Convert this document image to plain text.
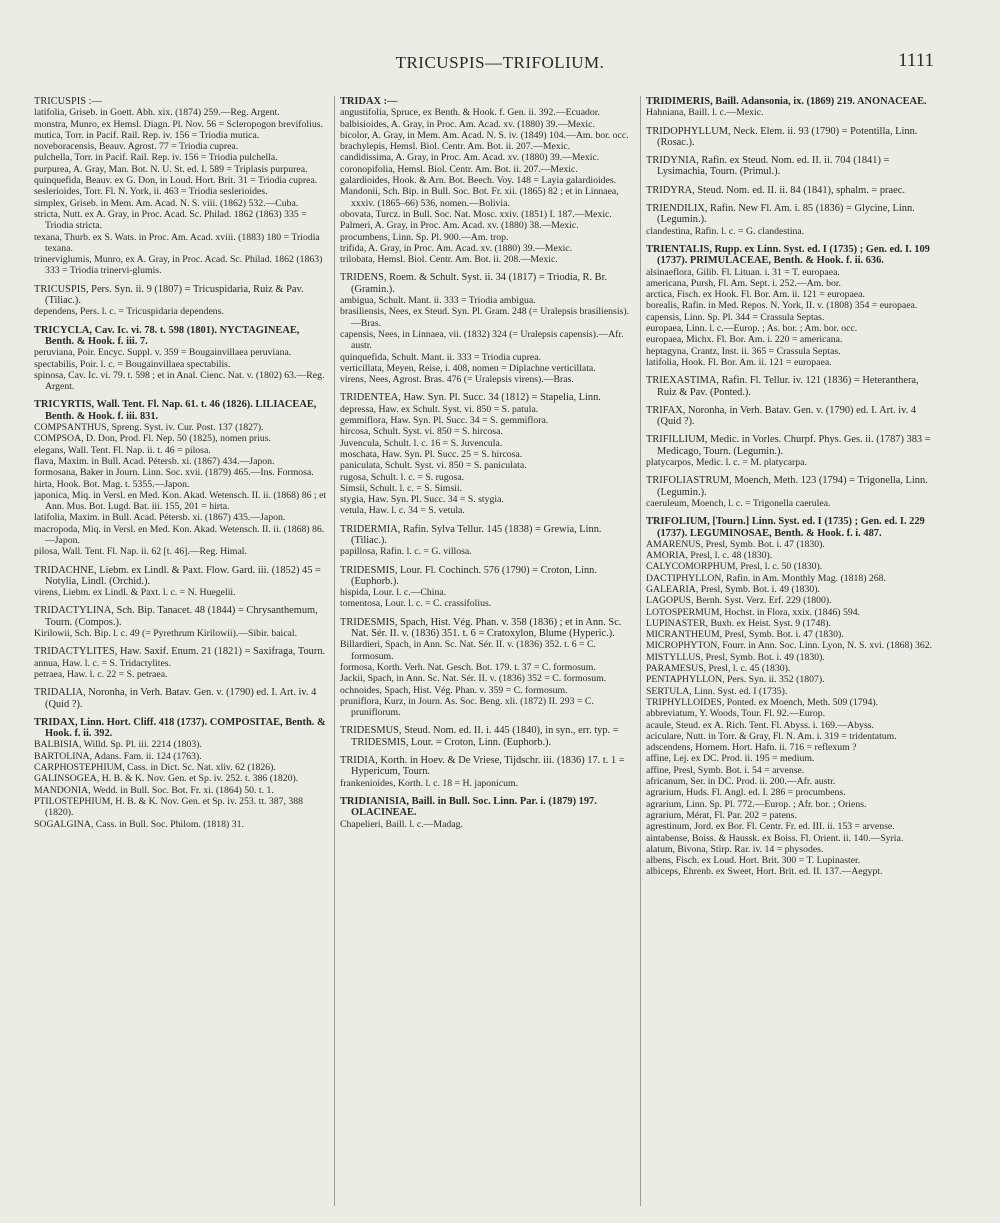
TRICUSPIS—TRIFOLIUM.	1111

TRICUSPIS :—

latifolia, Griseb. in Goett. Abh. xix. (1874) 259.—Reg. Argent.

monstra, Munro, ex Hemsl. Diagn. Pl. Nov. 56 = Scleropogon brevifolius.

mutica, Torr. in Pacif. Rail. Rep. iv. 156 = Triodia mutica.

noveboracensis, Beauv. Agrost. 77 = Triodia cuprea.

pulchella, Torr. in Pacif. Rail. Rep. iv. 156 = Triodia pulchella.

purpurea, A. Gray, Man. Bot. N. U. St. ed. I. 589 = Triplasis purpurea.

quinquefida, Beauv. ex G. Don, in Loud. Hort. Brit. 31 = Triodia cuprea.

seslerioides, Torr. Fl. N. York, ii. 463 = Triodia seslerioides.

simplex, Griseb. in Mem. Am. Acad. N. S. viii. (1862) 532.—Cuba.

stricta, Nutt. ex A. Gray, in Proc. Acad. Sc. Philad. 1862 (1863) 335 = Triodia stricta.

texana, Thurb. ex S. Wats. in Proc. Am. Acad. xviii. (1883) 180 = Triodia texana.

trinerviglumis, Munro, ex A. Gray, in Proc. Acad. Sc. Philad. 1862 (1863) 333 = Triodia trinervi-glumis.

TRICUSPIS, Pers. Syn. ii. 9 (1807) = Tricuspidaria, Ruiz & Pav. (Tiliac.).

dependens, Pers. l. c. = Tricuspidaria dependens.

TRICYCLA, Cav. Ic. vi. 78. t. 598 (1801). NYCTAGINEAE, Benth. & Hook. f. iii. 7.

peruviana, Poir. Encyc. Suppl. v. 359 = Bougainvillaea peruviana.

spectabilis, Poir. l. c. = Bougainvillaea spectabilis.

spinosa, Cav. Ic. vi. 79. t. 598 ; et in Anal. Cienc. Nat. v. (1802) 63.—Reg. Argent.

TRICYRTIS, Wall. Tent. Fl. Nap. 61. t. 46 (1826). LILIACEAE, Benth. & Hook. f. iii. 831.

COMPSANTHUS, Spreng. Syst. iv. Cur. Post. 137 (1827).

COMPSOA, D. Don, Prod. Fl. Nep. 50 (1825), nomen prius.

elegans, Wall. Tent. Fl. Nap. ii. t. 46 = pilosa.

flava, Maxim. in Bull. Acad. Pétersb. xi. (1867) 434.—Japon.

formosana, Baker in Journ. Linn. Soc. xvii. (1879) 465.—Ins. Formosa.

hirta, Hook. Bot. Mag. t. 5355.—Japon.

japonica, Miq. in Versl. en Med. Kon. Akad. Wetensch. II. ii. (1868) 86 ; et Ann. Mus. Bot. Lugd. Bat. iii. 155, 201 = hirta.

latifolia, Maxim. in Bull. Acad. Pétersb. xi. (1867) 435.—Japon.

macropoda, Miq. in Versl. en Med. Kon. Akad. Wetensch. II. ii. (1868) 86.—Japon.

pilosa, Wall. Tent. Fl. Nap. ii. 62 [t. 46].—Reg. Himal.

TRIDACHNE, Liebm. ex Lindl. & Paxt. Flow. Gard. iii. (1852) 45 = Notylia, Lindl. (Orchid.).

virens, Liebm. ex Lindl. & Paxt. l. c. = N. Huegelii.

TRIDACTYLINA, Sch. Bip. Tanacet. 48 (1844) = Chrysanthemum, Tourn. (Compos.).

Kirilowii, Sch. Bip. l. c. 49 (= Pyrethrum Kirilowii).—Sibir. baical.

TRIDACTYLITES, Haw. Saxif. Enum. 21 (1821) = Saxifraga, Tourn.

annua, Haw. l. c. = S. Tridactylites.

petraea, Haw. l. c. 22 = S. petraea.

TRIDALIA, Noronha, in Verh. Batav. Gen. v. (1790) ed. I. Art. iv. 4 (Quid ?).

TRIDAX, Linn. Hort. Cliff. 418 (1737). COMPOSITAE, Benth. & Hook. f. ii. 392.

BALBISIA, Willd. Sp. Pl. iii. 2214 (1803).

BARTOLINA, Adans. Fam. ii. 124 (1763).

CARPHOSTEPHIUM, Cass. in Dict. Sc. Nat. xliv. 62 (1826).

GALINSOGEA, H. B. & K. Nov. Gen. et Sp. iv. 252. t. 386 (1820).

MANDONIA, Wedd. in Bull. Soc. Bot. Fr. xi. (1864) 50. t. 1.

PTILOSTEPHIUM, H. B. & K. Nov. Gen. et Sp. iv. 253. tt. 387, 388 (1820).

SOGALGINA, Cass. in Bull. Soc. Philom. (1818) 31.

TRIDAX :—

angustifolia, Spruce, ex Benth. & Hook. f. Gen. ii. 392.—Ecuador.

balbisioides, A. Gray, in Proc. Am. Acad. xv. (1880) 39.—Mexic.

bicolor, A. Gray, in Mem. Am. Acad. N. S. iv. (1849) 104.—Am. bor. occ.

brachylepis, Hemsl. Biol. Centr. Am. Bot. ii. 207.—Mexic.

candidissima, A. Gray, in Proc. Am. Acad. xv. (1880) 39.—Mexic.

coronopifolia, Hemsl. Biol. Centr. Am. Bot. ii. 207.—Mexic.

galardioides, Hook. & Arn. Bot. Beech. Voy. 148 = Layia galardioides.

Mandonii, Sch. Bip. in Bull. Soc. Bot. Fr. xii. (1865) 82 ; et in Linnaea, xxxiv. (1865–66) 536, nomen.—Bolivia.

obovata, Turcz. in Bull. Soc. Nat. Mosc. xxiv. (1851) I. 187.—Mexic.

Palmeri, A. Gray, in Proc. Am. Acad. xv. (1880) 38.—Mexic.

procumbens, Linn. Sp. Pl. 900.—Am. trop.

trifida, A. Gray, in Proc. Am. Acad. xv. (1880) 39.—Mexic.

trilobata, Hemsl. Biol. Centr. Am. Bot. ii. 208.—Mexic.

TRIDENS, Roem. & Schult. Syst. ii. 34 (1817) = Triodia, R. Br. (Gramin.).

ambigua, Schult. Mant. ii. 333 = Triodia ambigua.

brasiliensis, Nees, ex Steud. Syn. Pl. Gram. 248 (= Uralepsis brasiliensis).—Bras.

capensis, Nees, in Linnaea, vii. (1832) 324 (= Uralepsis capensis).—Afr. austr.

quinquefida, Schult. Mant. ii. 333 = Triodia cuprea.

verticillata, Meyen, Reise, i. 408, nomen = Diplachne verticillata.

virens, Nees, Agrost. Bras. 476 (= Uralepsis virens).—Bras.

TRIDENTEA, Haw. Syn. Pl. Succ. 34 (1812) = Stapelia, Linn.

depressa, Haw. ex Schult. Syst. vi. 850 = S. patula.

gemmiflora, Haw. Syn. Pl. Succ. 34 = S. gemmiflora.

hircosa, Schult. Syst. vi. 850 = S. hircosa.

Juvencula, Schult. l. c. 16 = S. Juvencula.

moschata, Haw. Syn. Pl. Succ. 25 = S. hircosa.

paniculata, Schult. Syst. vi. 850 = S. paniculata.

rugosa, Schult. l. c. = S. rugosa.

Simsii, Schult. l. c. = S. Simsii.

stygia, Haw. Syn. Pl. Succ. 34 = S. stygia.

vetula, Haw. l. c. 34 = S. vetula.

TRIDERMIA, Rafin. Sylva Tellur. 145 (1838) = Grewia, Linn. (Tiliac.).

papillosa, Rafin. l. c. = G. villosa.

TRIDESMIS, Lour. Fl. Cochinch. 576 (1790) = Croton, Linn. (Euphorb.).

hispida, Lour. l. c.—China.

tomentosa, Lour. l. c. = C. crassifolius.

TRIDESMIS, Spach, Hist. Vég. Phan. v. 358 (1836) ; et in Ann. Sc. Nat. Sér. II. v. (1836) 351. t. 6 = Cratoxylon, Blume (Hyperic.).

Billardieri, Spach, in Ann. Sc. Nat. Sér. II. v. (1836) 352. t. 6 = C. formosum.

formosa, Korth. Verh. Nat. Gesch. Bot. 179. t. 37 = C. formosum.

Jackii, Spach, in Ann. Sc. Nat. Sér. II. v. (1836) 352 = C. formosum.

ochnoides, Spach, Hist. Vég. Phan. v. 359 = C. formosum.

pruniflora, Kurz, in Journ. As. Soc. Beng. xli. (1872) II. 293 = C. pruniflorum.

TRIDESMUS, Steud. Nom. ed. II. i. 445 (1840), in syn., err. typ. = TRIDESMIS, Lour. = Croton, Linn. (Euphorb.).

TRIDIA, Korth. in Hoev. & De Vriese, Tijdschr. iii. (1836) 17. t. 1 = Hypericum, Tourn.

frankenioides, Korth. l. c. 18 = H. japonicum.

TRIDIANISIA, Baill. in Bull. Soc. Linn. Par. i. (1879) 197. OLACINEAE.

Chapelieri, Baill. l. c.—Madag.

TRIDIMERIS, Baill. Adansonia, ix. (1869) 219. ANONACEAE.

Hahniana, Baill. l. c.—Mexic.

TRIDOPHYLLUM, Neck. Elem. ii. 93 (1790) = Potentilla, Linn. (Rosac.).

TRIDYNIA, Rafin. ex Steud. Nom. ed. II. ii. 704 (1841) = Lysimachia, Tourn. (Primul.).

TRIDYRA, Steud. Nom. ed. II. ii. 84 (1841), sphalm. = praec.

TRIENDILIX, Rafin. New Fl. Am. i. 85 (1836) = Glycine, Linn. (Legumin.).

clandestina, Rafin. l. c. = G. clandestina.

TRIENTALIS, Rupp. ex Linn. Syst. ed. I (1735) ; Gen. ed. I. 109 (1737). PRIMULACEAE, Benth. & Hook. f. ii. 636.

alsinaeflora, Gilib. Fl. Lituan. i. 31 = T. europaea.

americana, Pursh, Fl. Am. Sept. i. 252.—Am. bor.

arctica, Fisch. ex Hook. Fl. Bor. Am. ii. 121 = europaea.

borealis, Rafin. in Med. Repos. N. York, II. v. (1808) 354 = europaea.

capensis, Linn. Sp. Pl. 344 = Crassula Septas.

europaea, Linn. l. c.—Europ. ; As. bor. ; Am. bor. occ.

europaea, Michx. Fl. Bor. Am. i. 220 = americana.

heptagyna, Crantz, Inst. ii. 365 = Crassula Septas.

latifolia, Hook. Fl. Bor. Am. ii. 121 = europaea.

TRIEXASTIMA, Rafin. Fl. Tellur. iv. 121 (1836) = Heteranthera, Ruiz & Pav. (Ponted.).

TRIFAX, Noronha, in Verh. Batav. Gen. v. (1790) ed. I. Art. iv. 4 (Quid ?).

TRIFILLIUM, Medic. in Vorles. Churpf. Phys. Ges. ii. (1787) 383 = Medicago, Tourn. (Legumin.).

platycarpos, Medic. l. c. = M. platycarpa.

TRIFOLIASTRUM, Moench, Meth. 123 (1794) = Trigonella, Linn. (Legumin.).

caeruleum, Moench, l. c. = Trigonella caerulea.

TRIFOLIUM, [Tourn.] Linn. Syst. ed. I (1735) ; Gen. ed. I. 229 (1737). LEGUMINOSAE, Benth. & Hook. f. i. 487.

AMARENUS, Presl, Symb. Bot. i. 47 (1830).

AMORIA, Presl, l. c. 48 (1830).

CALYCOMORPHUM, Presl, l. c. 50 (1830).

DACTIPHYLLON, Rafin. in Am. Monthly Mag. (1818) 268.

GALEARIA, Presl, Symb. Bot. i. 49 (1830).

LAGOPUS, Bernh. Syst. Verz. Erf. 229 (1800).

LOTOSPERMUM, Hochst. in Flora, xxix. (1846) 594.

LUPINASTER, Buxb. ex Heist. Syst. 9 (1748).

MICRANTHEUM, Presl, Symb. Bot. i. 47 (1830).

MICROPHYTON, Fourr. in Ann. Soc. Linn. Lyon, N. S. xvi. (1868) 362.

MISTYLLUS, Presl, Symb. Bot. i. 49 (1830).

PARAMESUS, Presl, l. c. 45 (1830).

PENTAPHYLLON, Pers. Syn. ii. 352 (1807).

SERTULA, Linn. Syst. ed. I (1735).

TRIPHYLLOIDES, Ponted. ex Moench, Meth. 509 (1794).

abbreviatum, Y. Woods, Tour. Fl. 92.—Europ.

acaule, Steud. ex A. Rich. Tent. Fl. Abyss. i. 169.—Abyss.

aciculare, Nutt. in Torr. & Gray, Fl. N. Am. i. 319 = tridentatum.

adscendens, Hornem. Hort. Hafn. ii. 716 = reflexum ?

affine, Lej. ex DC. Prod. ii. 195 = medium.

affine, Presl, Symb. Bot. i. 54 = arvense.

africanum, Ser. in DC. Prod. ii. 200.—Afr. austr.

agrarium, Huds. Fl. Angl. ed. I. 286 = procumbens.

agrarium, Linn. Sp. Pl. 772.—Europ. ; Afr. bor. ; Oriens.

agrarium, Mérat, Fl. Par. 202 = patens.

agrestinum, Jord. ex Bor. Fl. Centr. Fr. ed. III. ii. 153 = arvense.

aintabense, Boiss. & Haussk. ex Boiss. Fl. Orient. ii. 140.—Syria.

alatum, Bivona, Stirp. Rar. iv. 14 = physodes.

albens, Fisch. ex Loud. Hort. Brit. 300 = T. Lupinaster.

albiceps, Ehrenb. ex Sweet, Hort. Brit. ed. II. 137.—Aegypt.
